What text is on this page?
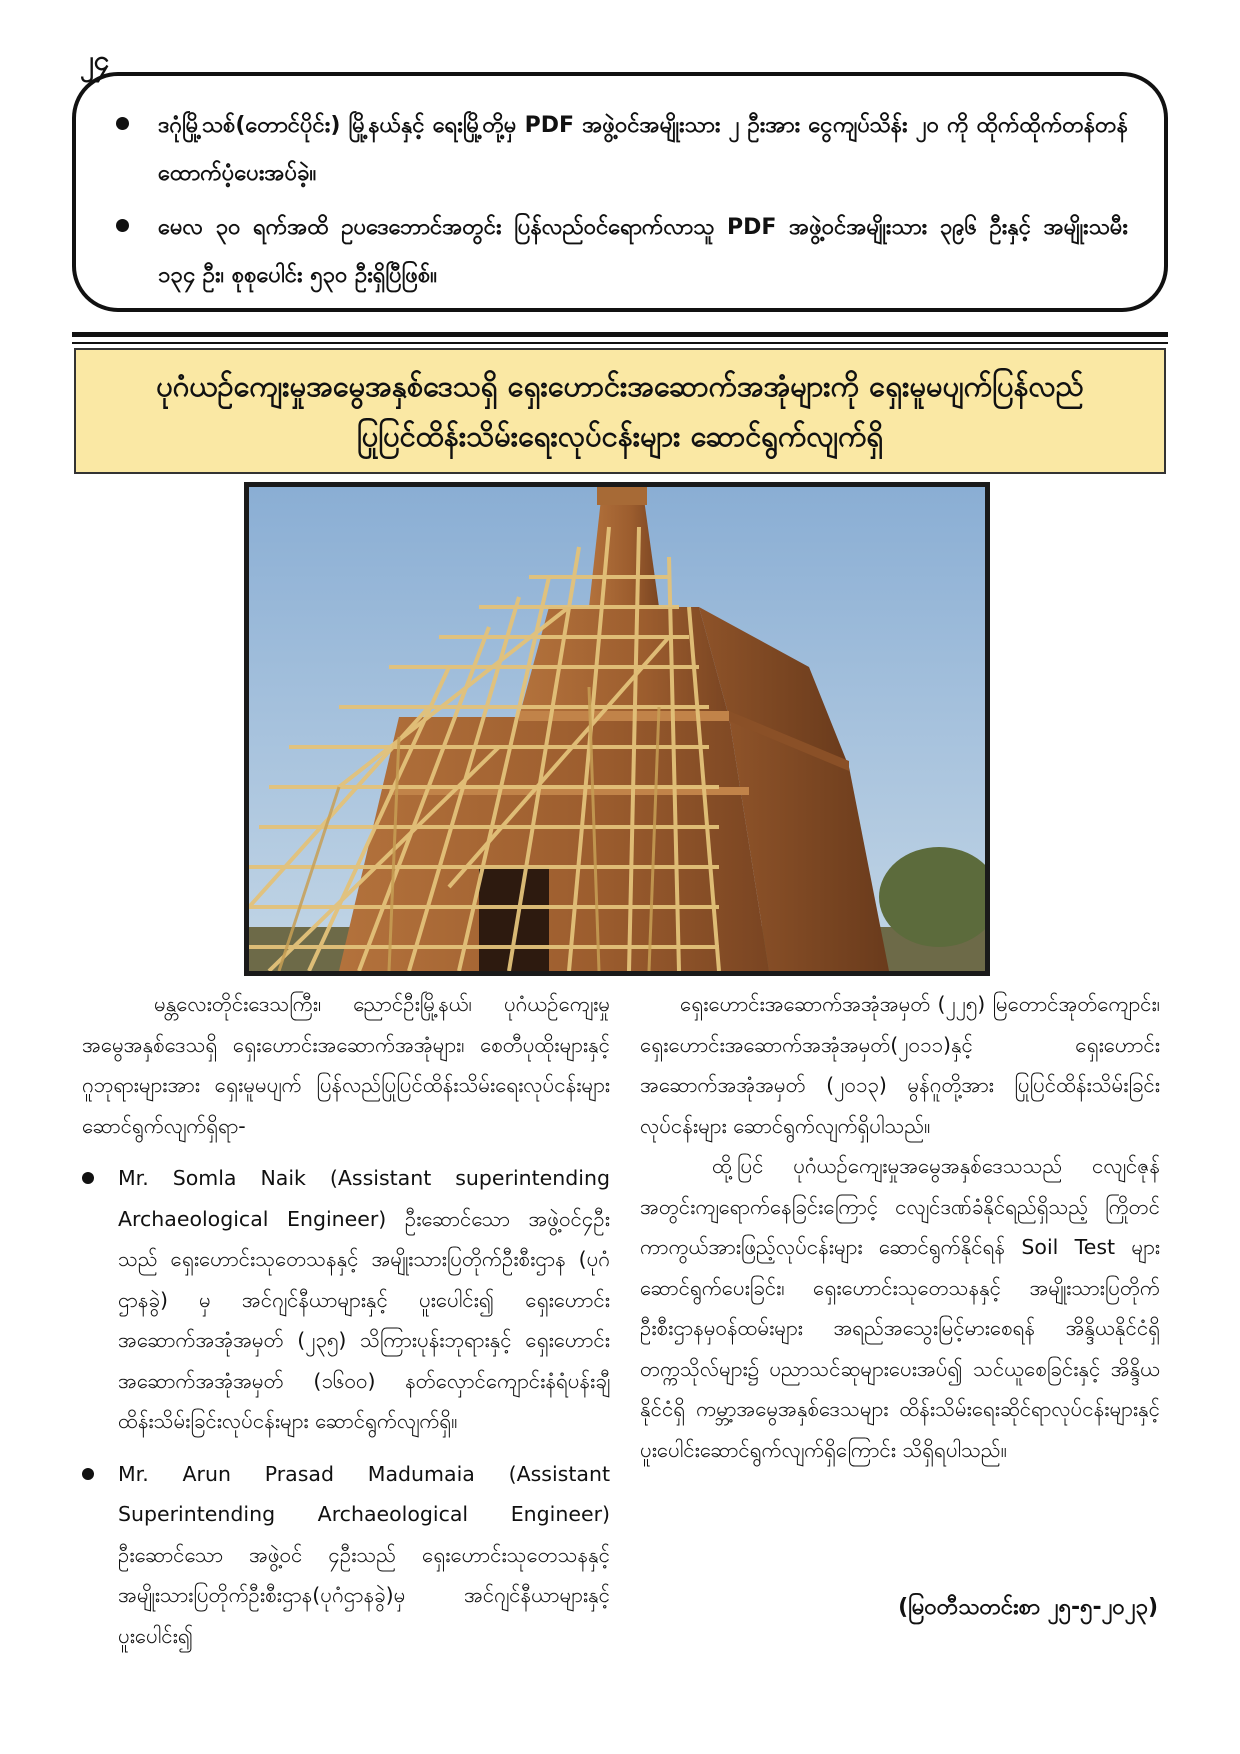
၂၄
ဒဂုံမြို့သစ်(တောင်ပိုင်း) မြို့နယ်နှင့် ရေးမြို့တို့မှ PDF အဖွဲ့ဝင်အမျိုးသား ၂ ဦးအား ငွေကျပ်သိန်း ၂၀ ကို ထိုက်ထိုက်တန်တန် ထောက်ပံ့ပေးအပ်ခဲ့။
မေလ ၃၀ ရက်အထိ ဥပဒေဘောင်အတွင်း ပြန်လည်ဝင်ရောက်လာသူ PDF အဖွဲ့ဝင်အမျိုးသား ၃၉၆ ဦးနှင့် အမျိုးသမီး ၁၃၄ ဦး၊ စုစုပေါင်း ၅၃၀ ဦးရှိပြီဖြစ်။
ပုဂံယဉ်ကျေးမှုအမွေအနှစ်ဒေသရှိ ရှေးဟောင်းအဆောက်အအုံများကို ရှေးမူမပျက်ပြန်လည်
ပြုပြင်ထိန်းသိမ်းရေးလုပ်ငန်းများ ဆောင်ရွက်လျက်ရှိ

မန္တလေးတိုင်းဒေသကြီး၊ ညောင်ဦးမြို့နယ်၊ ပုဂံယဉ်ကျေးမှုအမွေအနှစ်ဒေသရှိ ရှေးဟောင်းအဆောက်အအုံများ၊ စေတီပုထိုးများနှင့် ဂူဘုရားများအား ရှေးမူမပျက် ပြန်လည်ပြုပြင်ထိန်းသိမ်းရေးလုပ်ငန်းများ ဆောင်ရွက်လျက်ရှိရာ-

Mr. Somla Naik (Assistant superintending Archaeological Engineer) ဦးဆောင်သော အဖွဲ့ဝင်၄ဦးသည် ရှေးဟောင်းသုတေသနနှင့် အမျိုးသားပြတိုက်ဦးစီးဌာန (ပုဂံဌာနခွဲ) မှ အင်ဂျင်နီယာများနှင့် ပူးပေါင်း၍ ရှေးဟောင်းအဆောက်အအုံအမှတ် (၂၃၅) သိကြားပုန်းဘုရားနှင့် ရှေးဟောင်းအဆောက်အအုံအမှတ် (၁၆၀၀) နတ်လှောင်ကျောင်းနံရံပန်းချီ ထိန်းသိမ်းခြင်းလုပ်ငန်းများ ဆောင်ရွက်လျက်ရှိ။

Mr. Arun Prasad Madumaia (Assistant Superintending Archaeological Engineer) ဦးဆောင်သော အဖွဲ့ဝင် ၄ဦးသည် ရှေးဟောင်းသုတေသနနှင့် အမျိုးသားပြတိုက်ဦးစီးဌာန(ပုဂံဌာနခွဲ)မှ အင်ဂျင်နီယာများနှင့် ပူးပေါင်း၍

ရှေးဟောင်းအဆောက်အအုံအမှတ် (၂၂၅) မြတောင်အုတ်ကျောင်း၊ ရှေးဟောင်းအဆောက်အအုံအမှတ်(၂၀၁၁)နှင့် ရှေးဟောင်းအဆောက်အအုံအမှတ် (၂၀၁၃) မွန်ဂူတို့အား ပြုပြင်ထိန်းသိမ်းခြင်းလုပ်ငန်းများ ဆောင်ရွက်လျက်ရှိပါသည်။

ထို့ပြင် ပုဂံယဉ်ကျေးမှုအမွေအနှစ်ဒေသသည် ငလျင်ဇုန်အတွင်းကျရောက်နေခြင်းကြောင့် ငလျင်ဒဏ်ခံနိုင်ရည်ရှိသည့် ကြိုတင်ကာကွယ်အားဖြည့်လုပ်ငန်းများ ဆောင်ရွက်နိုင်ရန် Soil Test များ ဆောင်ရွက်ပေးခြင်း၊ ရှေးဟောင်းသုတေသနနှင့် အမျိုးသားပြတိုက်ဦးစီးဌာနမှဝန်ထမ်းများ အရည်အသွေးမြင့်မားစေရန် အိန္ဒိယနိုင်ငံရှိ တက္ကသိုလ်များ၌ ပညာသင်ဆုများပေးအပ်၍ သင်ယူစေခြင်းနှင့် အိန္ဒိယနိုင်ငံရှိ ကမ္ဘာ့အမွေအနှစ်ဒေသများ ထိန်းသိမ်းရေးဆိုင်ရာလုပ်ငန်းများနှင့် ပူးပေါင်းဆောင်ရွက်လျက်ရှိကြောင်း သိရှိရပါသည်။

(မြဝတီသတင်းစာ ၂၅-၅-၂၀၂၃)
